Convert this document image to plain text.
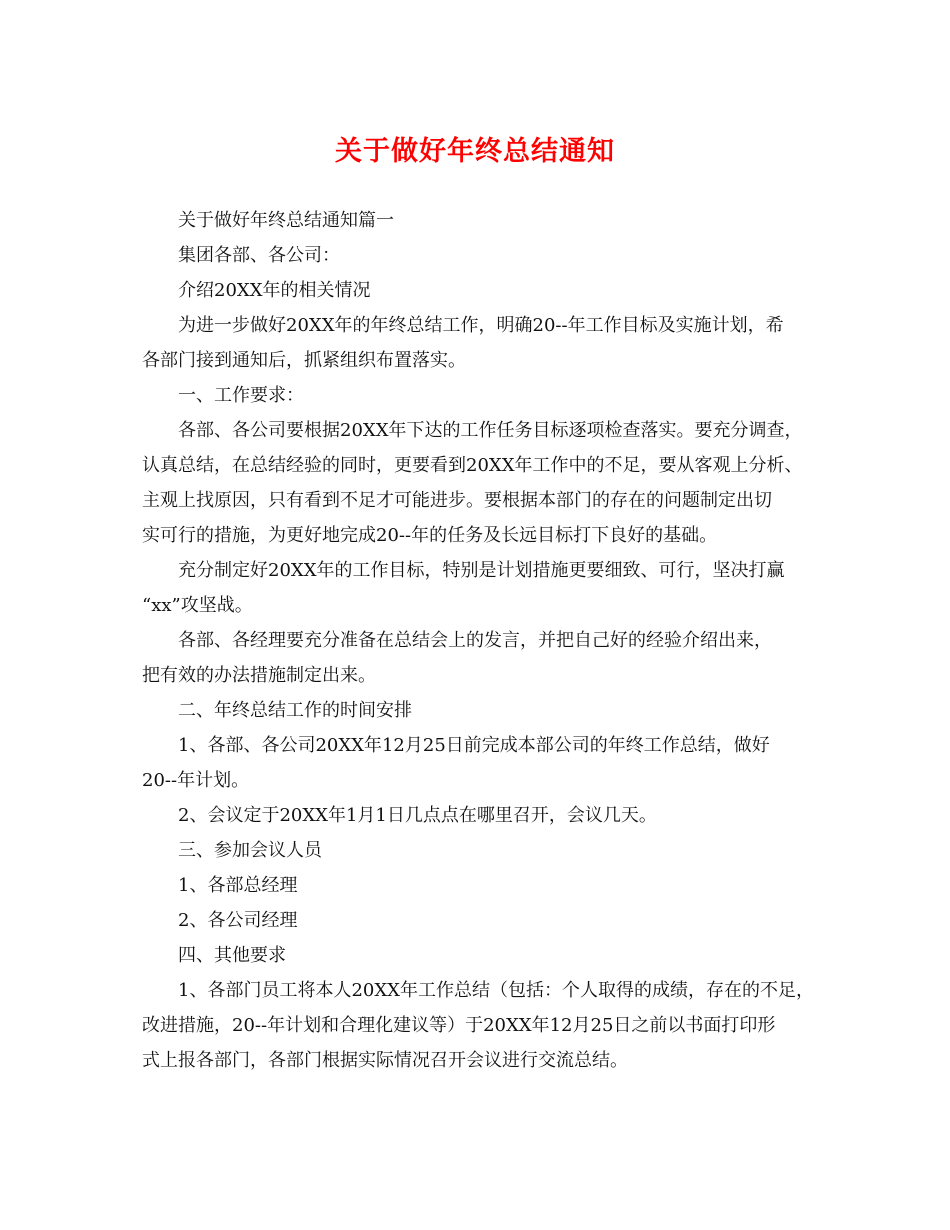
关于做好年终总结通知
关于做好年终总结通知篇一
集团各部、各公司：
介绍20XX年的相关情况
为进一步做好20XX年的年终总结工作，明确20--年工作目标及实施计划，希
各部门接到通知后，抓紧组织布置落实。
一、工作要求：
各部、各公司要根据20XX年下达的工作任务目标逐项检查落实。要充分调查，
认真总结，在总结经验的同时，更要看到20XX年工作中的不足，要从客观上分析、
主观上找原因，只有看到不足才可能进步。要根据本部门的存在的问题制定出切
实可行的措施，为更好地完成20--年的任务及长远目标打下良好的基础。
充分制定好20XX年的工作目标，特别是计划措施更要细致、可行，坚决打赢
“xx”攻坚战。
各部、各经理要充分准备在总结会上的发言，并把自己好的经验介绍出来，
把有效的办法措施制定出来。
二、年终总结工作的时间安排
1、各部、各公司20XX年12月25日前完成本部公司的年终工作总结，做好
20--年计划。
2、会议定于20XX年1月1日几点点在哪里召开，会议几天。
三、参加会议人员
1、各部总经理
2、各公司经理
四、其他要求
1、各部门员工将本人20XX年工作总结（包括：个人取得的成绩，存在的不足，
改进措施，20--年计划和合理化建议等）于20XX年12月25日之前以书面打印形
式上报各部门，各部门根据实际情况召开会议进行交流总结。
